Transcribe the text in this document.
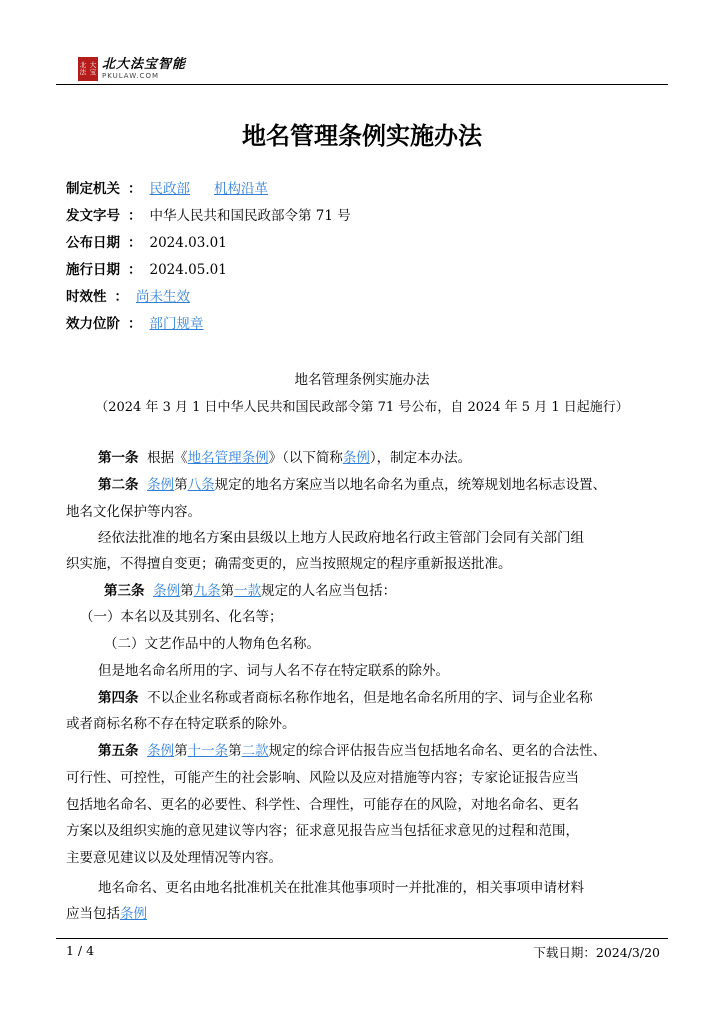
北 大
法 宝 北大法宝智能
PKULAW.COM
地名管理条例实施办法
制定机关 ： 民政部 机构沿革
发文字号 ： 中华人民共和国民政部令第 71 号
公布日期 ： 2024.03.01
施行日期 ： 2024.05.01
时效性 ： 尚未生效
效力位阶 ： 部门规章
地名管理条例实施办法
（2024 年 3 月 1 日中华人民共和国民政部令第 71 号公布，自 2024 年 5 月 1 日起施行）
第一条 根据《地名管理条例》（以下简称条例），制定本办法。
第二条 条例第八条规定的地名方案应当以地名命名为重点，统筹规划地名标志设置、
地名文化保护等内容。
经依法批准的地名方案由县级以上地方人民政府地名行政主管部门会同有关部门组
织实施，不得擅自变更；确需变更的，应当按照规定的程序重新报送批准。
第三条 条例第九条第一款规定的人名应当包括：
（一）本名以及其别名、化名等；
（二）文艺作品中的人物角色名称。
但是地名命名所用的字、词与人名不存在特定联系的除外。
第四条 不以企业名称或者商标名称作地名，但是地名命名所用的字、词与企业名称
或者商标名称不存在特定联系的除外。
第五条 条例第十一条第二款规定的综合评估报告应当包括地名命名、更名的合法性、
可行性、可控性，可能产生的社会影响、风险以及应对措施等内容；专家论证报告应当
包括地名命名、更名的必要性、科学性、合理性，可能存在的风险，对地名命名、更名
方案以及组织实施的意见建议等内容；征求意见报告应当包括征求意见的过程和范围，
主要意见建议以及处理情况等内容。
地名命名、更名由地名批准机关在批准其他事项时一并批准的，相关事项申请材料
应当包括条例
1 / 4	下载日期：2024/3/20
